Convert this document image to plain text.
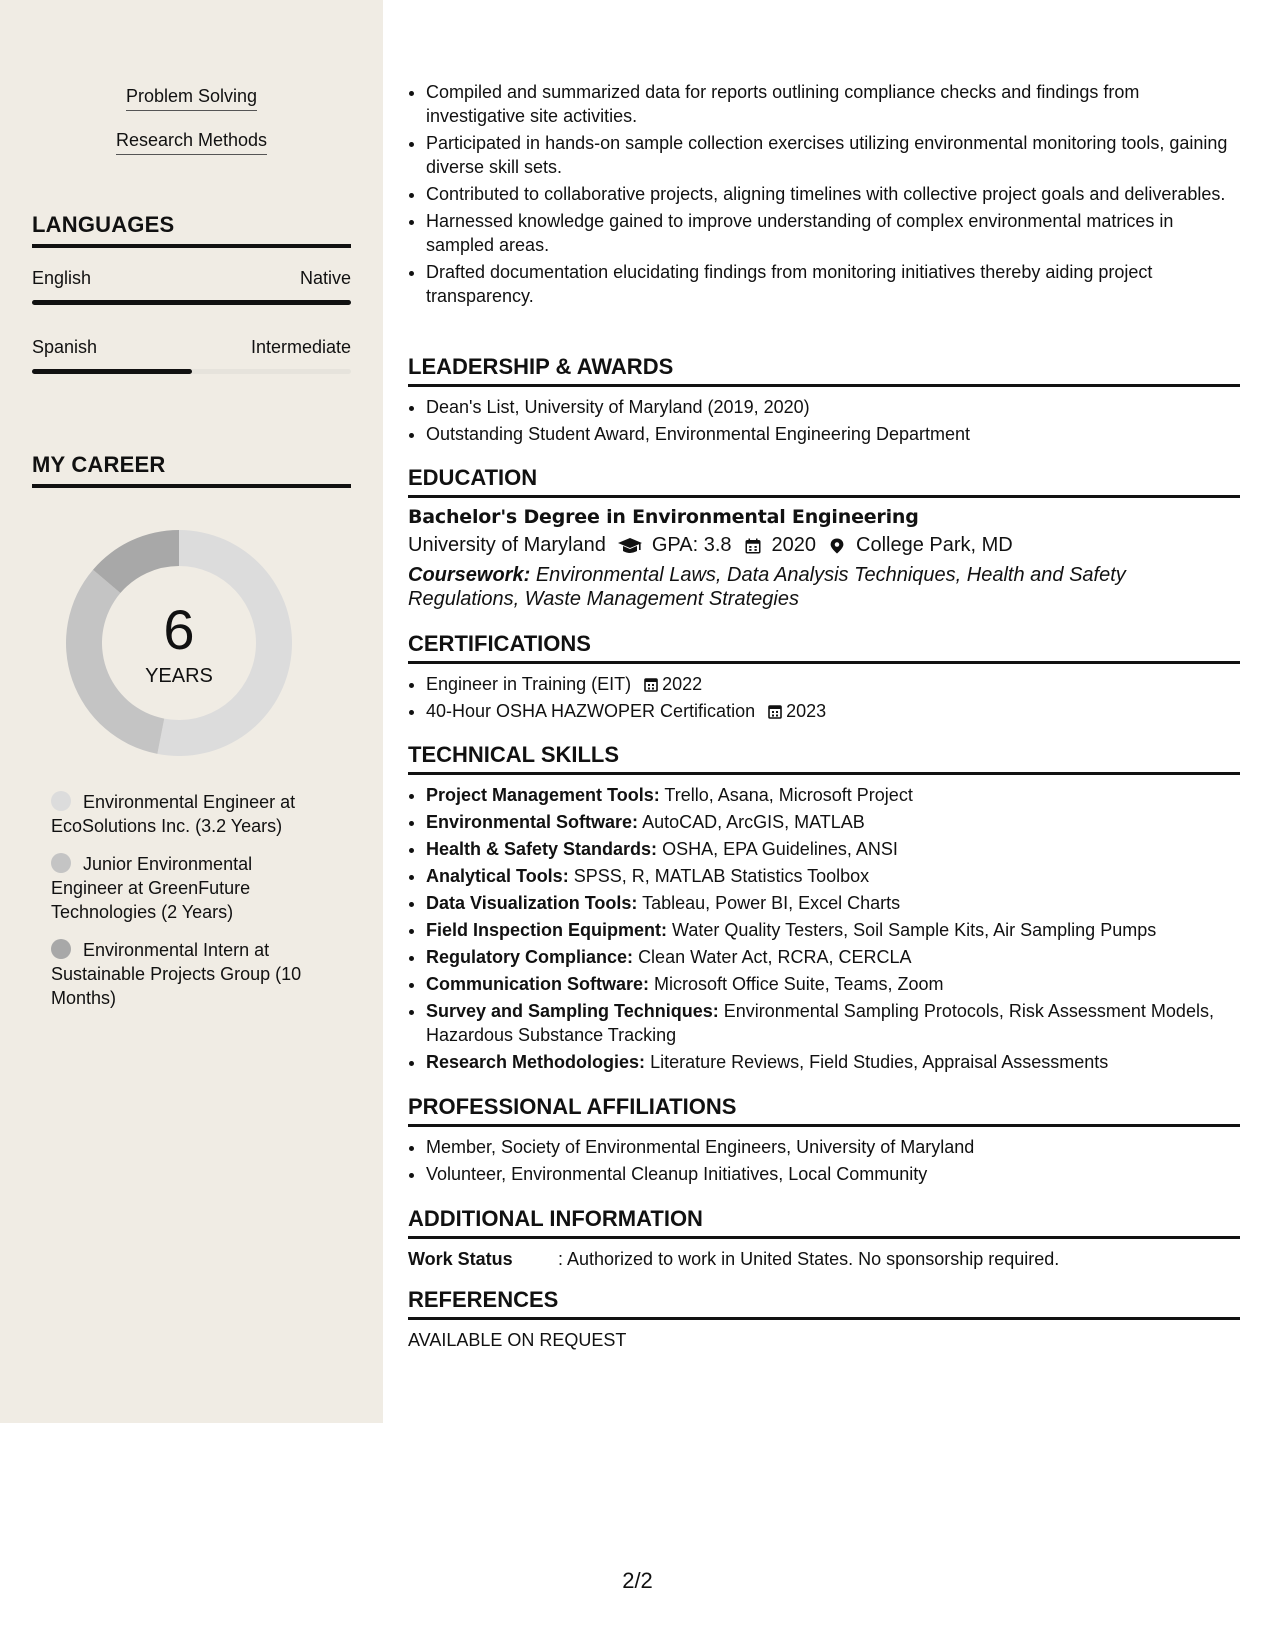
Problem Solving
Research Methods
LANGUAGES
English	Native
Spanish	Intermediate
MY CAREER
6
YEARS
Environmental Engineer at EcoSolutions Inc. (3.2 Years)
Junior Environmental Engineer at GreenFuture Technologies (2 Years)
Environmental Intern at Sustainable Projects Group (10 Months)
• Compiled and summarized data for reports outlining compliance checks and findings from investigative site activities.
• Participated in hands-on sample collection exercises utilizing environmental monitoring tools, gaining diverse skill sets.
• Contributed to collaborative projects, aligning timelines with collective project goals and deliverables.
• Harnessed knowledge gained to improve understanding of complex environmental matrices in sampled areas.
• Drafted documentation elucidating findings from monitoring initiatives thereby aiding project transparency.
LEADERSHIP & AWARDS
• Dean's List, University of Maryland (2019, 2020)
• Outstanding Student Award, Environmental Engineering Department
EDUCATION
Bachelor's Degree in Environmental Engineering
University of Maryland GPA: 3.8 2020 College Park, MD
Coursework: Environmental Laws, Data Analysis Techniques, Health and Safety Regulations, Waste Management Strategies
CERTIFICATIONS
• Engineer in Training (EIT) 2022
• 40-Hour OSHA HAZWOPER Certification 2023
TECHNICAL SKILLS
• Project Management Tools: Trello, Asana, Microsoft Project
• Environmental Software: AutoCAD, ArcGIS, MATLAB
• Health & Safety Standards: OSHA, EPA Guidelines, ANSI
• Analytical Tools: SPSS, R, MATLAB Statistics Toolbox
• Data Visualization Tools: Tableau, Power BI, Excel Charts
• Field Inspection Equipment: Water Quality Testers, Soil Sample Kits, Air Sampling Pumps
• Regulatory Compliance: Clean Water Act, RCRA, CERCLA
• Communication Software: Microsoft Office Suite, Teams, Zoom
• Survey and Sampling Techniques: Environmental Sampling Protocols, Risk Assessment Models, Hazardous Substance Tracking
• Research Methodologies: Literature Reviews, Field Studies, Appraisal Assessments
PROFESSIONAL AFFILIATIONS
• Member, Society of Environmental Engineers, University of Maryland
• Volunteer, Environmental Cleanup Initiatives, Local Community
ADDITIONAL INFORMATION
Work Status	: Authorized to work in United States. No sponsorship required.
REFERENCES
AVAILABLE ON REQUEST
2/2
